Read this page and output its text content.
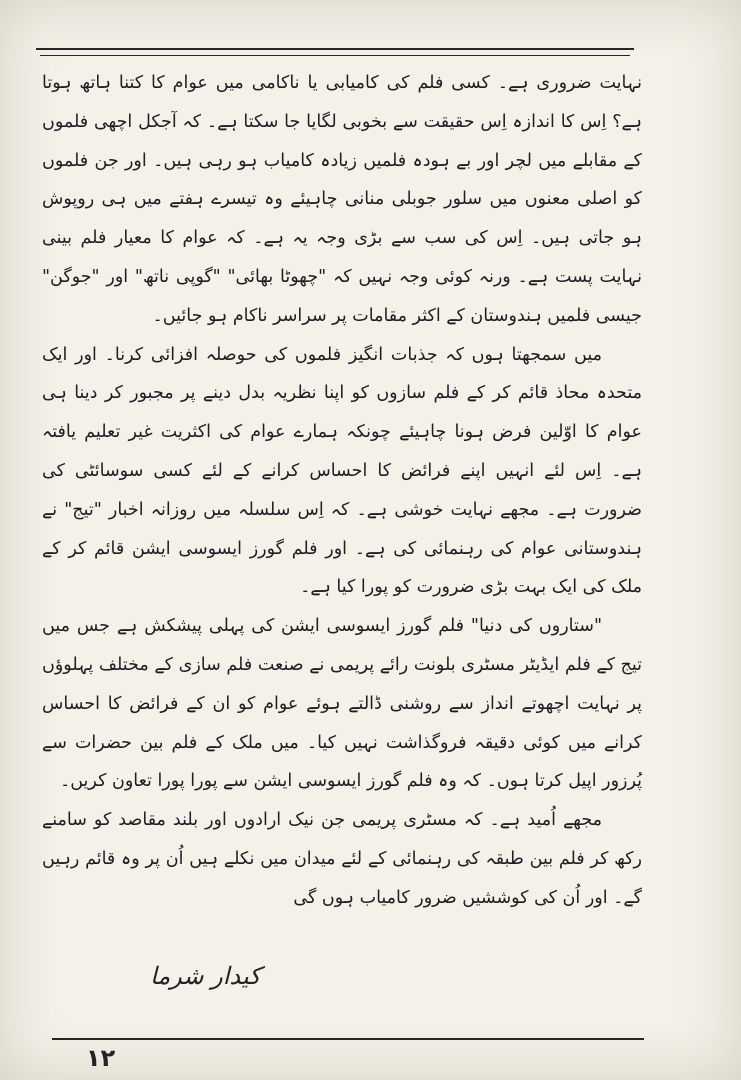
نہایت ضروری ہے۔ کسی فلم کی کامیابی یا ناکامی میں عوام کا کتنا ہاتھ ہوتا ہے؟ اِس کا اندازہ اِس حقیقت سے بخوبی لگایا جا سکتا ہے۔ کہ آجکل اچھی فلموں کے مقابلے میں لچر اور بے ہودہ فلمیں زیادہ کامیاب ہو رہی ہیں۔ اور جن فلموں کو اصلی معنوں میں سلور جوبلی منانی چاہیئے وہ تیسرے ہفتے میں ہی روپوش ہو جاتی ہیں۔ اِس کی سب سے بڑی وجہ یہ ہے۔ کہ عوام کا معیار فلم بینی نہایت پست ہے۔ ورنہ کوئی وجہ نہیں کہ "چھوٹا بھائی" "گوپی ناتھ" اور "جوگن" جیسی فلمیں ہندوستان کے اکثر مقامات پر سراسر ناکام ہو جائیں۔

میں سمجھتا ہوں کہ جذبات انگیز فلموں کی حوصلہ افزائی کرنا۔ اور ایک متحدہ محاذ قائم کر کے فلم سازوں کو اپنا نظریہ بدل دینے پر مجبور کر دینا ہی عوام کا اوّلین فرض ہونا چاہیئے چونکہ ہمارے عوام کی اکثریت غیر تعلیم یافتہ ہے۔ اِس لئے انہیں اپنے فرائض کا احساس کرانے کے لئے کسی سوسائٹی کی ضرورت ہے۔ مجھے نہایت خوشی ہے۔ کہ اِس سلسلہ میں روزانہ اخبار "تیج" نے ہندوستانی عوام کی رہنمائی کی ہے۔ اور فلم گورز ایسوسی ایشن قائم کر کے ملک کی ایک بہت بڑی ضرورت کو پورا کیا ہے۔

"ستاروں کی دنیا" فلم گورز ایسوسی ایشن کی پہلی پیشکش ہے جس میں تیج کے فلم ایڈیٹر مسٹری بلونت رائے پریمی نے صنعت فلم سازی کے مختلف پہلوؤں پر نہایت اچھوتے انداز سے روشنی ڈالتے ہوئے عوام کو ان کے فرائض کا احساس کرانے میں کوئی دقیقہ فروگذاشت نہیں کیا۔ میں ملک کے فلم بین حضرات سے پُرزور اپیل کرتا ہوں۔ کہ وہ فلم گورز ایسوسی ایشن سے پورا پورا تعاون کریں۔

مجھے اُمید ہے۔ کہ مسٹری پریمی جن نیک ارادوں اور بلند مقاصد کو سامنے رکھ کر فلم بین طبقہ کی رہنمائی کے لئے میدان میں نکلے ہیں اُن پر وہ قائم رہیں گے۔ اور اُن کی کوششیں ضرور کامیاب ہوں گی

کیدار شرما
۱۲
